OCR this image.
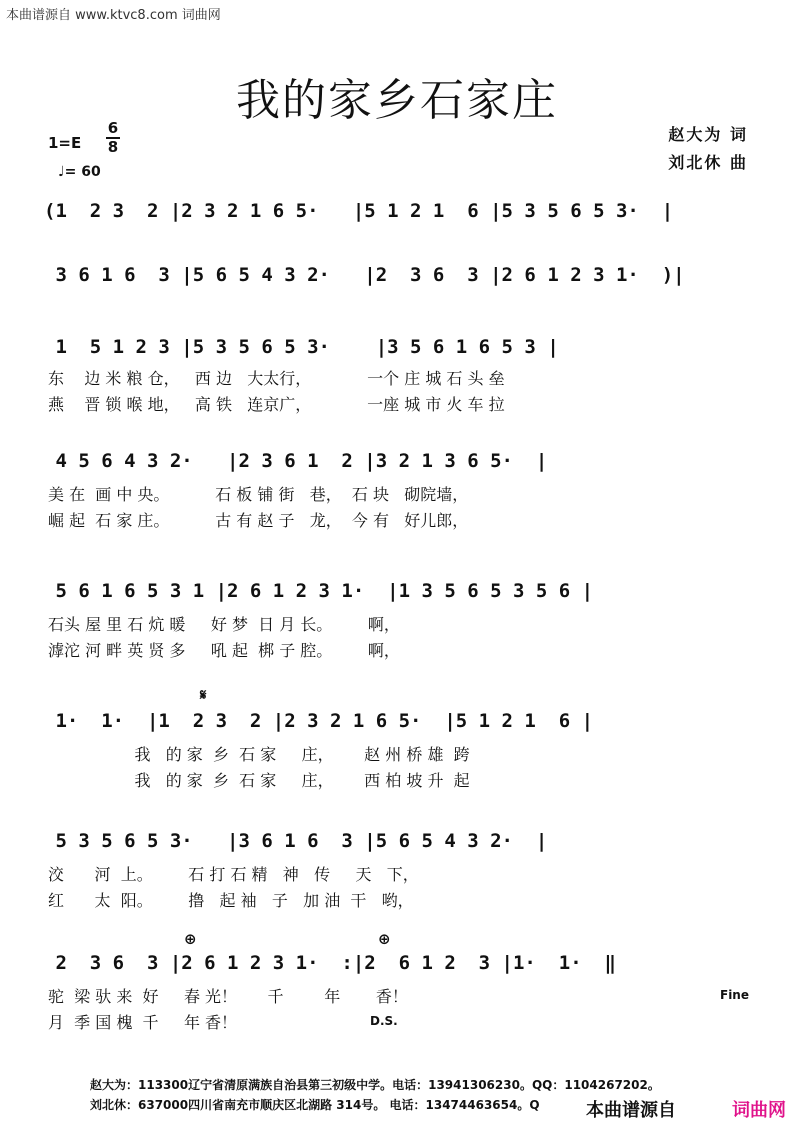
本曲谱源自 www.ktvc8.com 词曲网
我的家乡石家庄
1=E
6
8
♩= 60
赵大为 词
刘北休 曲
(1  2 3  2 |2 3 2 1 6 5·   |5 1 2 1  6 |5 3 5 6 5 3·  |
3 6 1 6  3 |5 6 5 4 3 2·   |2  3 6  3 |2 6 1 2 3 1·  )|
1  5 1 2 3 |5 3 5 6 5 3·    |3 5 6 1 6 5 3 |
东    边 米 粮 仓，   西 边   大太行，           一个 庄 城 石 头 垒
燕    晋 锁 喉 地，   高 铁   连京广，           一座 城 市 火 车 拉
4 5 6 4 3 2·   |2 3 6 1  2 |3 2 1 3 6 5·  |
美 在  画 中 央。         石 板 铺 街   巷，  石 块   砌院墙，
崛 起  石 家 庄。         古 有 赵 子   龙，  今 有   好儿郎，
5 6 1 6 5 3 1 |2 6 1 2 3 1·  |1 3 5 6 5 3 5 6 |
石头 屋 里 石 炕 暖     好 梦  日 月 长。       啊，
滹沱 河 畔 英 贤 多     吼 起  梆 子 腔。       啊，
𝄋
1·  1·  |1  2 3  2 |2 3 2 1 6 5·  |5 1 2 1  6 |
我   的 家  乡  石 家     庄，      赵 州 桥 雄  跨
我   的 家  乡  石 家     庄，      西 柏 坡 升  起
5 3 5 6 5 3·   |3 6 1 6  3 |5 6 5 4 3 2·  |
洨      河  上。       石 打 石 精   神   传     天   下，
红      太  阳。       撸   起 袖   子   加 油  干   哟，
⊕	⊕
2  3 6  3 |2 6 1 2 3 1·  :|2  6 1 2  3 |1·  1·  ‖
驼  梁 驮 来  好     春 光！      千        年       香！
月  季 国 槐  千     年 香！
Fine
D.S.
赵大为：113300辽宁省清原满族自治县第三初级中学。电话：13941306230。QQ：1104267202。
刘北休：637000四川省南充市顺庆区北湖路 314号。 电话：13474463654。Q	本曲谱源自	词曲网
